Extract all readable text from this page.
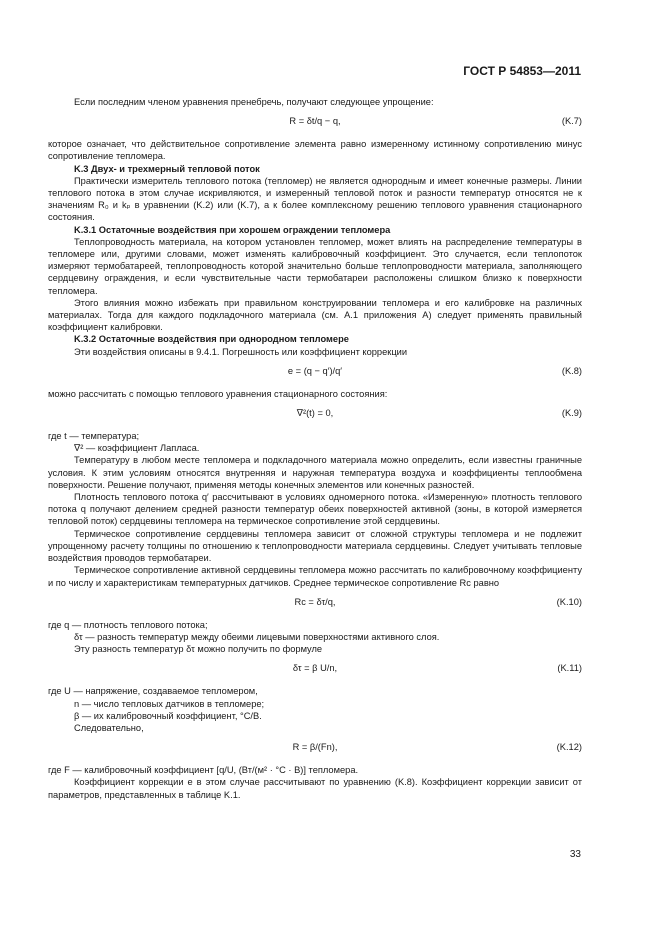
ГОСТ Р 54853—2011

Если последним членом уравнения пренебречь, получают следующее упрощение:

R = δt/q − q,	(K.7)

которое означает, что действительное сопротивление элемента равно измеренному истинному сопротивлению минус сопротивление тепломера.

K.3 Двух- и трехмерный тепловой поток

Практически измеритель теплового потока (тепломер) не является однородным и имеет конечные размеры. Линии теплового потока в этом случае искривляются, и измеренный тепловой поток и разности температур относятся не к значениям R₀ и kₚ в уравнении (K.2) или (K.7), а к более комплексному решению теплового уравнения стационарного состояния.

K.3.1 Остаточные воздействия при хорошем ограждении тепломера

Теплопроводность материала, на котором установлен тепломер, может влиять на распределение температуры в тепломере или, другими словами, может изменять калибровочный коэффициент. Это случается, если теплопоток измеряют термобатареей, теплопроводность которой значительно больше теплопроводности материала, заполняющего сердцевину ограждения, и если чувствительные части термобатареи расположены слишком близко к поверхности тепломера.

Этого влияния можно избежать при правильном конструировании тепломера и его калибровке на различных материалах. Тогда для каждого подкладочного материала (см. A.1 приложения A) следует применять правильный коэффициент калибровки.

K.3.2 Остаточные воздействия при однородном тепломере

Эти воздействия описаны в 9.4.1. Погрешность или коэффициент коррекции

e = (q − q′)/q′	(K.8)

можно рассчитать с помощью теплового уравнения стационарного состояния:

∇²(t) = 0,	(K.9)

где t — температура;

∇² — коэффициент Лапласа.

Температуру в любом месте тепломера и подкладочного материала можно определить, если известны граничные условия. К этим условиям относятся внутренняя и наружная температура воздуха и коэффициенты теплообмена поверхности. Решение получают, применяя методы конечных элементов или конечных разностей.

Плотность теплового потока q′ рассчитывают в условиях одномерного потока. «Измеренную» плотность теплового потока q получают делением средней разности температур обеих поверхностей активной (зоны, в которой измеряется тепловой поток) сердцевины тепломера на термическое сопротивление этой сердцевины.

Термическое сопротивление сердцевины тепломера зависит от сложной структуры тепломера и не подлежит упрощенному расчету толщины по отношению к теплопроводности материала сердцевины. Следует учитывать тепловые воздействия проводов термобатареи.

Термическое сопротивление активной сердцевины тепломера можно рассчитать по калибровочному коэффициенту и по числу и характеристикам температурных датчиков. Среднее термическое сопротивление Rc равно

Rc = δτ/q,	(K.10)

где q — плотность теплового потока;

δτ — разность температур между обеими лицевыми поверхностями активного слоя.

Эту разность температур δτ можно получить по формуле

δτ = β U/n,	(K.11)

где U — напряжение, создаваемое тепломером,

n — число тепловых датчиков в тепломере;

β — их калибровочный коэффициент, °C/B.

Следовательно,

R = β/(Fn),	(K.12)

где F — калибровочный коэффициент [q/U, (Вт/(м² · °C · B)] тепломера.

Коэффициент коррекции e в этом случае рассчитывают по уравнению (K.8). Коэффициент коррекции зависит от параметров, представленных в таблице K.1.

33
